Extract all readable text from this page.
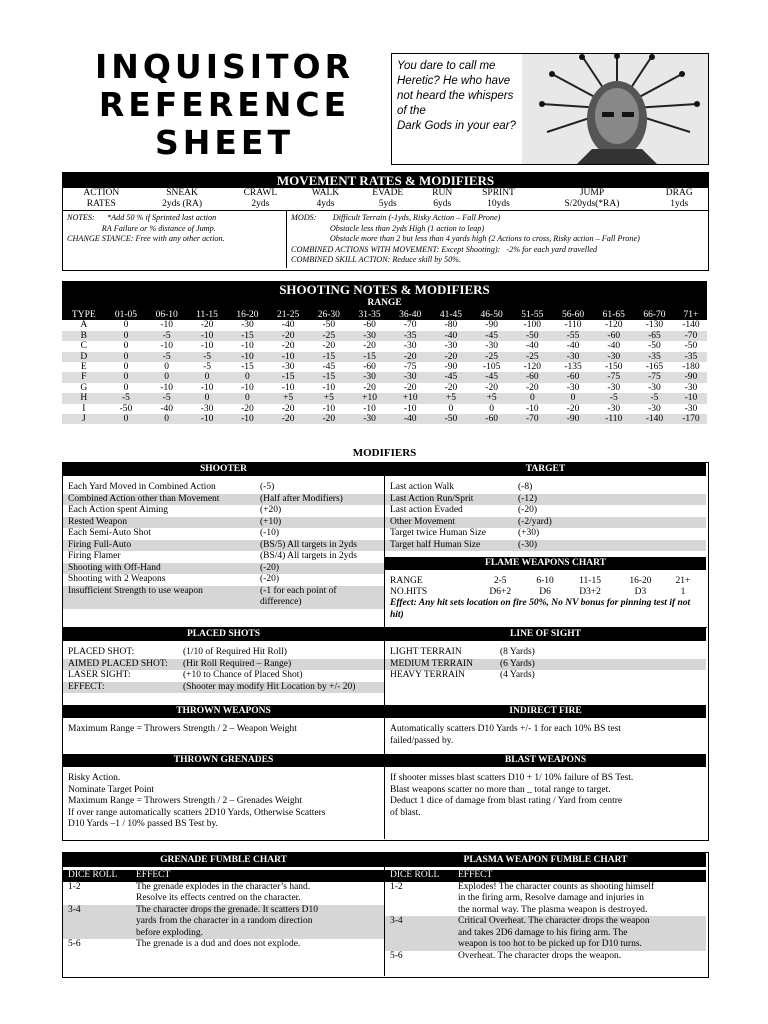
INQUISITOR
REFERENCE
SHEET
You dare to call me
Heretic? He who have
not heard the whispers
of the
Dark Gods in your ear?
MOVEMENT RATES & MODIFIERS
ACTION	SNEAK	CRAWL	WALK	EVADE	RUN	SPRINT	JUMP	DRAG
RATES	2yds (RA)	2yds	4yds	5yds	6yds	10yds	S/20yds(*RA)	1yds
NOTES:      *Add 50 % if Sprinted last action
RA Failure or % distance of Jump.
CHANGE STANCE: Free with any other action.
MODS:        Difficult Terrain (-1yds, Risky Action – Fall Prone)
Obstacle less than 2yds High (1 action to leap)
Obstacle more than 2 but less than 4 yards high (2 Actions to cross, Risky action – Fall Prone)
COMBINED ACTIONS WITH MOVEMENT: Except Shooting):   -2% for each yard travelled
COMBINED SKILL ACTION: Reduce skill by 50%.
SHOOTING NOTES & MODIFIERS
RANGE
TYPE	01-05	06-10	11-15	16-20	21-25	26-30	31-35	36-40	41-45	46-50	51-55	56-60	61-65	66-70	71+
A	0	-10	-20	-30	-40	-50	-60	-70	-80	-90	-100	-110	-120	-130	-140
B	0	-5	-10	-15	-20	-25	-30	-35	-40	-45	-50	-55	-60	-65	-70
C	0	-10	-10	-10	-20	-20	-20	-30	-30	-30	-40	-40	-40	-50	-50
D	0	-5	-5	-10	-10	-15	-15	-20	-20	-25	-25	-30	-30	-35	-35
E	0	0	-5	-15	-30	-45	-60	-75	-90	-105	-120	-135	-150	-165	-180
F	0	0	0	0	-15	-15	-30	-30	-45	-45	-60	-60	-75	-75	-90
G	0	-10	-10	-10	-10	-10	-20	-20	-20	-20	-20	-30	-30	-30	-30
H	-5	-5	0	0	+5	+5	+10	+10	+5	+5	0	0	-5	-5	-10
I	-50	-40	-30	-20	-20	-10	-10	-10	0	0	-10	-20	-30	-30	-30
J	0	0	-10	-10	-20	-20	-30	-40	-50	-60	-70	-90	-110	-140	-170
MODIFIERS
SHOOTER
Each Yard Moved in Combined Action	(-5)
Combined Action other than Movement	(Half after Modifiers)
Each Action spent Aiming	(+20)
Rested Weapon	(+10)
Each Semi-Auto Shot	(-10)
Firing Full-Auto	(BS/5) All targets in 2yds
Firing Flamer	(BS/4) All targets in 2yds
Shooting with Off-Hand	(-20)
Shooting with 2 Weapons	(-20)
Insufficient Strength to use weapon	(-1 for each point of
difference)
TARGET
Last action Walk	(-8)
Last Action Run/Sprit	(-12)
Last action Evaded	(-20)
Other Movement	(-2/yard)
Target twice Human Size	(+30)
Target half Human Size	(-30)
FLAME WEAPONS CHART
RANGE	2-5	6-10	11-15	16-20	21+
NO.HITS	D6+2	D6	D3+2	D3	1
Effect: Any hit sets location on fire 50%, No NV bonus for pinning test if not hit)
PLACED SHOTS	LINE OF SIGHT
PLACED SHOT:	(1/10 of Required Hit Roll)
AIMED PLACED SHOT:	(Hit Roll Required – Range)
LASER SIGHT:	(+10 to Chance of Placed Shot)
EFFECT:	(Shooter may modify Hit Location by +/- 20)
LIGHT TERRAIN	(8 Yards)
MEDIUM TERRAIN	(6 Yards)
HEAVY TERRAIN	(4 Yards)
THROWN WEAPONS	INDIRECT FIRE
Maximum Range = Throwers Strength / 2 – Weapon Weight	Automatically scatters D10 Yards +/- 1 for each 10% BS test
failed/passed by.
THROWN GRENADES	BLAST WEAPONS
Risky Action.
Nominate Target Point
Maximum Range = Throwers Strength / 2 – Grenades Weight
If over range automatically scatters 2D10 Yards, Otherwise Scatters
D10 Yards –1 / 10% passed BS Test by.
If shooter misses blast scatters D10 + 1/ 10% failure of BS Test.
Blast weapons scatter no more than _ total range to target.
Deduct 1 dice of damage from blast rating / Yard from centre
of blast.
GRENADE FUMBLE CHART	PLASMA WEAPON FUMBLE CHART
DICE ROLL	EFFECT
1-2	The grenade explodes in the character’s hand.
Resolve its effects centred on the character.
3-4	The character drops the grenade. It scatters D10
yards from the character in a random direction
before exploding.
5-6	The grenade is a dud and does not explode.
DICE ROLL	EFFECT
1-2	Explodes! The character counts as shooting himself
in the firing arm, Resolve damage and injuries in
the normal way. The plasma weapon is destroyed.
3-4	Critical Overheat. The character drops the weapon
and takes 2D6 damage to his firing arm. The
weapon is too hot to be picked up for D10 turns.
5-6	Overheat. The character drops the weapon.
